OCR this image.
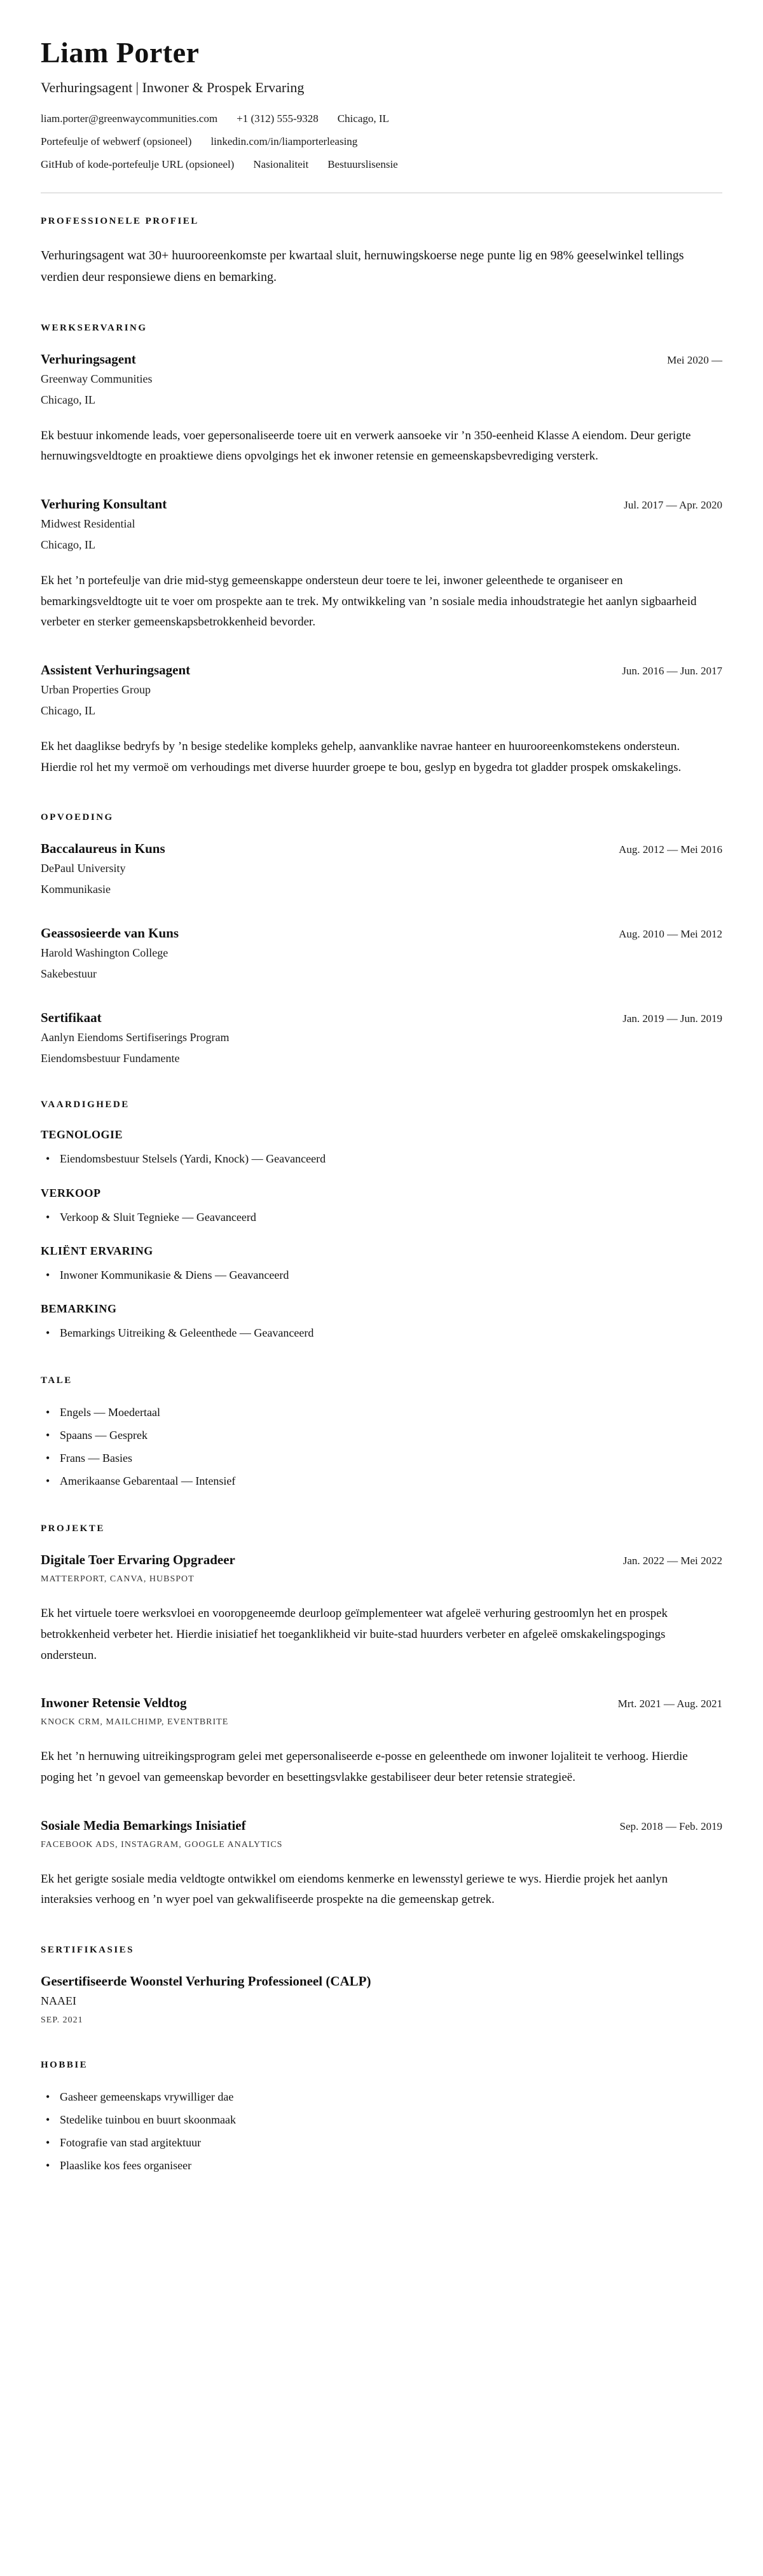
Liam Porter
Verhuringsagent | Inwoner & Prospek Ervaring
liam.porter@greenwaycommunities.com +1 (312) 555-9328 Chicago, IL
Portefeulje of webwerf (opsioneel) linkedin.com/in/liamporterleasing
GitHub of kode-portefeulje URL (opsioneel) Nasionaliteit Bestuurslisensie
PROFESSIONELE PROFIEL

Verhuringsagent wat 30+ huurooreenkomste per kwartaal sluit, hernuwingskoerse nege punte lig en 98% geeselwinkel tellings verdien deur responsiewe diens en bemarking.

WERKSERVARING
Verhuringsagent	Mei 2020 —
Greenway Communities
Chicago, IL

Ek bestuur inkomende leads, voer gepersonaliseerde toere uit en verwerk aansoeke vir ’n 350-eenheid Klasse A eiendom. Deur gerigte hernuwingsveldtogte en proaktiewe diens opvolgings het ek inwoner retensie en gemeenskapsbevrediging versterk.

Verhuring Konsultant	Jul. 2017 — Apr. 2020
Midwest Residential
Chicago, IL

Ek het ’n portefeulje van drie mid-styg gemeenskappe ondersteun deur toere te lei, inwoner geleenthede te organiseer en bemarkingsveldtogte uit te voer om prospekte aan te trek. My ontwikkeling van ’n sosiale media inhoudstrategie het aanlyn sigbaarheid verbeter en sterker gemeenskapsbetrokkenheid bevorder.

Assistent Verhuringsagent	Jun. 2016 — Jun. 2017
Urban Properties Group
Chicago, IL

Ek het daaglikse bedryfs by ’n besige stedelike kompleks gehelp, aanvanklike navrae hanteer en huurooreenkomstekens ondersteun. Hierdie rol het my vermoë om verhoudings met diverse huurder groepe te bou, geslyp en bygedra tot gladder prospek omskakelings.

OPVOEDING
Baccalaureus in Kuns	Aug. 2012 — Mei 2016
DePaul University
Kommunikasie
Geassosieerde van Kuns	Aug. 2010 — Mei 2012
Harold Washington College
Sakebestuur
Sertifikaat	Jan. 2019 — Jun. 2019
Aanlyn Eiendoms Sertifiserings Program
Eiendomsbestuur Fundamente
VAARDIGHEDE
TEGNOLOGIE
• Eiendomsbestuur Stelsels (Yardi, Knock) — Geavanceerd
VERKOOP
• Verkoop & Sluit Tegnieke — Geavanceerd
KLIËNT ERVARING
• Inwoner Kommunikasie & Diens — Geavanceerd
BEMARKING
• Bemarkings Uitreiking & Geleenthede — Geavanceerd
TALE
• Engels — Moedertaal
• Spaans — Gesprek
• Frans — Basies
• Amerikaanse Gebarentaal — Intensief
PROJEKTE
Digitale Toer Ervaring Opgradeer	Jan. 2022 — Mei 2022
MATTERPORT, CANVA, HUBSPOT

Ek het virtuele toere werksvloei en vooropgeneemde deurloop geïmplementeer wat afgeleë verhuring gestroomlyn het en prospek betrokkenheid verbeter het. Hierdie inisiatief het toeganklikheid vir buite-stad huurders verbeter en afgeleë omskakelingspogings ondersteun.

Inwoner Retensie Veldtog	Mrt. 2021 — Aug. 2021
KNOCK CRM, MAILCHIMP, EVENTBRITE

Ek het ’n hernuwing uitreikingsprogram gelei met gepersonaliseerde e-posse en geleenthede om inwoner lojaliteit te verhoog. Hierdie poging het ’n gevoel van gemeenskap bevorder en besettingsvlakke gestabiliseer deur beter retensie strategieë.

Sosiale Media Bemarkings Inisiatief	Sep. 2018 — Feb. 2019
FACEBOOK ADS, INSTAGRAM, GOOGLE ANALYTICS

Ek het gerigte sosiale media veldtogte ontwikkel om eiendoms kenmerke en lewensstyl geriewe te wys. Hierdie projek het aanlyn interaksies verhoog en ’n wyer poel van gekwalifiseerde prospekte na die gemeenskap getrek.

SERTIFIKASIES
Gesertifiseerde Woonstel Verhuring Professioneel (CALP)
NAAEI
SEP. 2021
HOBBIE
• Gasheer gemeenskaps vrywilliger dae
• Stedelike tuinbou en buurt skoonmaak
• Fotografie van stad argitektuur
• Plaaslike kos fees organiseer
